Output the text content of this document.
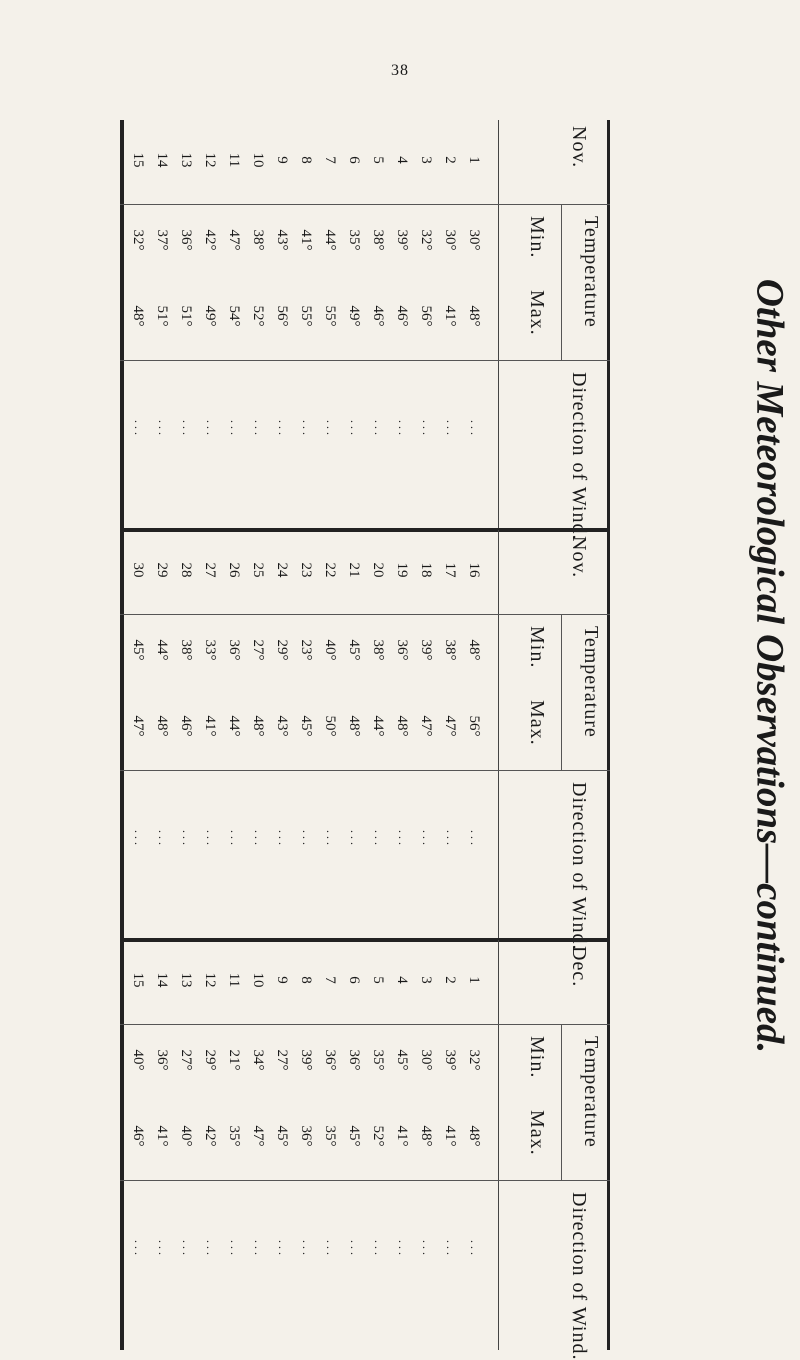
38
Other Meteorological Observations—continued.
Nov.
Temperature
Min.
Max.
Direction of Wind.
1
30°
48°
...
2
30°
41°
...
3
32°
56°
...
4
39°
46°
...
5
38°
46°
...
6
35°
49°
...
7
44°
55°
...
8
41°
55°
...
9
43°
56°
...
10
38°
52°
...
11
47°
54°
...
12
42°
49°
...
13
36°
51°
...
14
37°
51°
...
15
32°
48°
...
Nov.
Temperature
Min.
Max.
Direction of Wind.
16
48°
56°
...
17
38°
47°
...
18
39°
47°
...
19
36°
48°
...
20
38°
44°
...
21
45°
48°
...
22
40°
50°
...
23
23°
45°
...
24
29°
43°
...
25
27°
48°
...
26
36°
44°
...
27
33°
41°
...
28
38°
46°
...
29
44°
48°
...
30
45°
47°
...
Dec.
Temperature
Min.
Max.
Direction of Wind.
1
32°
48°
...
2
39°
41°
...
3
30°
48°
...
4
45°
41°
...
5
35°
52°
...
6
36°
45°
...
7
36°
35°
...
8
39°
36°
...
9
27°
45°
...
10
34°
47°
...
11
21°
35°
...
12
29°
42°
...
13
27°
40°
...
14
36°
41°
...
15
40°
46°
...
